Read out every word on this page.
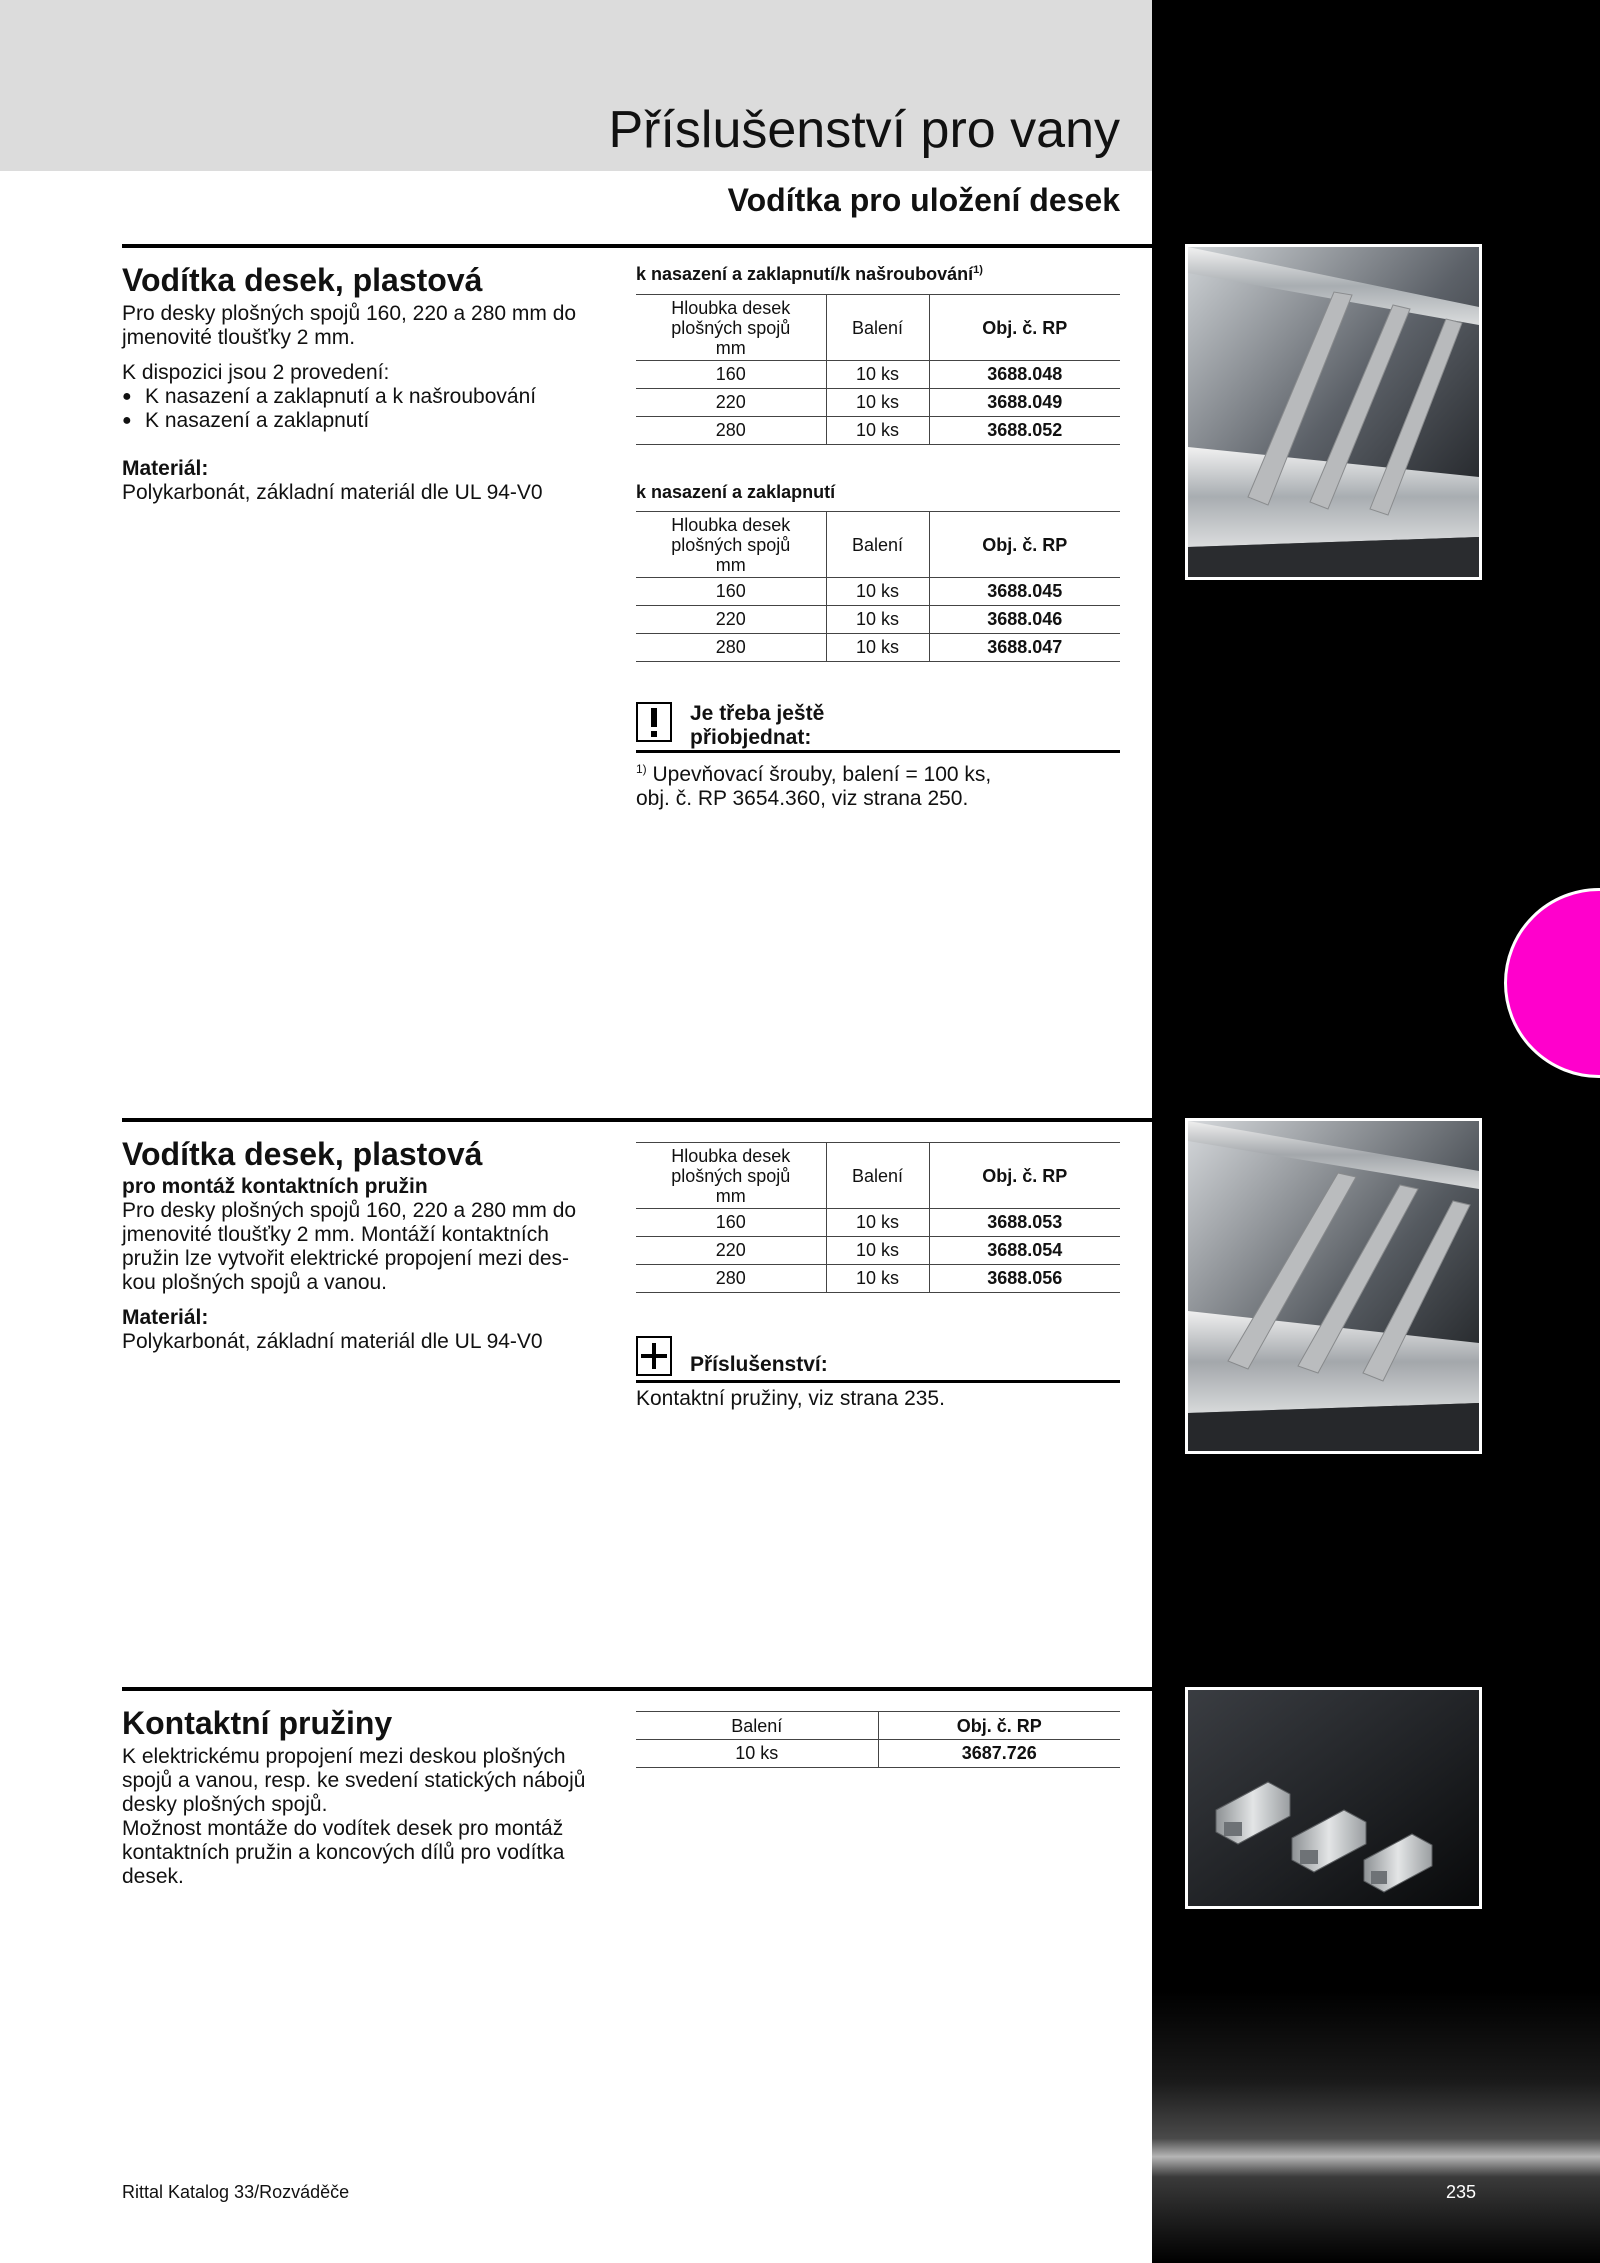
Příslušenství pro vany
Vodítka pro uložení desek
Vodítka desek, plastová

Pro desky plošných spojů 160, 220 a 280 mm do

jmenovité tloušťky 2 mm.

K dispozici jsou 2 provedení:

● K nasazení a zaklapnutí a k našroubování
● K nasazení a zaklapnutí

Materiál:

Polykarbonát, základní materiál dle UL 94-V0

k nasazení a zaklapnutí/k našroubování$^{1)}$
Hloubka desek
plošných spojů
mm	Balení	Obj. č. RP
160	10 ks	3688.048
220	10 ks	3688.049
280	10 ks	3688.052
k nasazení a zaklapnutí
Hloubka desek
plošných spojů
mm	Balení	Obj. č. RP
160	10 ks	3688.045
220	10 ks	3688.046
280	10 ks	3688.047
Je třeba ještě
přiobjednat:
$^{1)}$ Upevňovací šrouby, balení = 100 ks,
obj. č. RP 3654.360, viz strana 250.
Vodítka desek, plastová

pro montáž kontaktních pružin

Pro desky plošných spojů 160, 220 a 280 mm do

jmenovité tloušťky 2 mm. Montáží kontaktních

pružin lze vytvořit elektrické propojení mezi des-

kou plošných spojů a vanou.

Materiál:

Polykarbonát, základní materiál dle UL 94-V0

Hloubka desek
plošných spojů
mm	Balení	Obj. č. RP
160	10 ks	3688.053
220	10 ks	3688.054
280	10 ks	3688.056
Příslušenství:
Kontaktní pružiny, viz strana 235.
Kontaktní pružiny

K elektrickému propojení mezi deskou plošných

spojů a vanou, resp. ke svedení statických nábojů

desky plošných spojů.

Možnost montáže do vodítek desek pro montáž

kontaktních pružin a koncových dílů pro vodítka

desek.

Balení	Obj. č. RP
10 ks	3687.726
Rittal Katalog 33/Rozváděče	235
